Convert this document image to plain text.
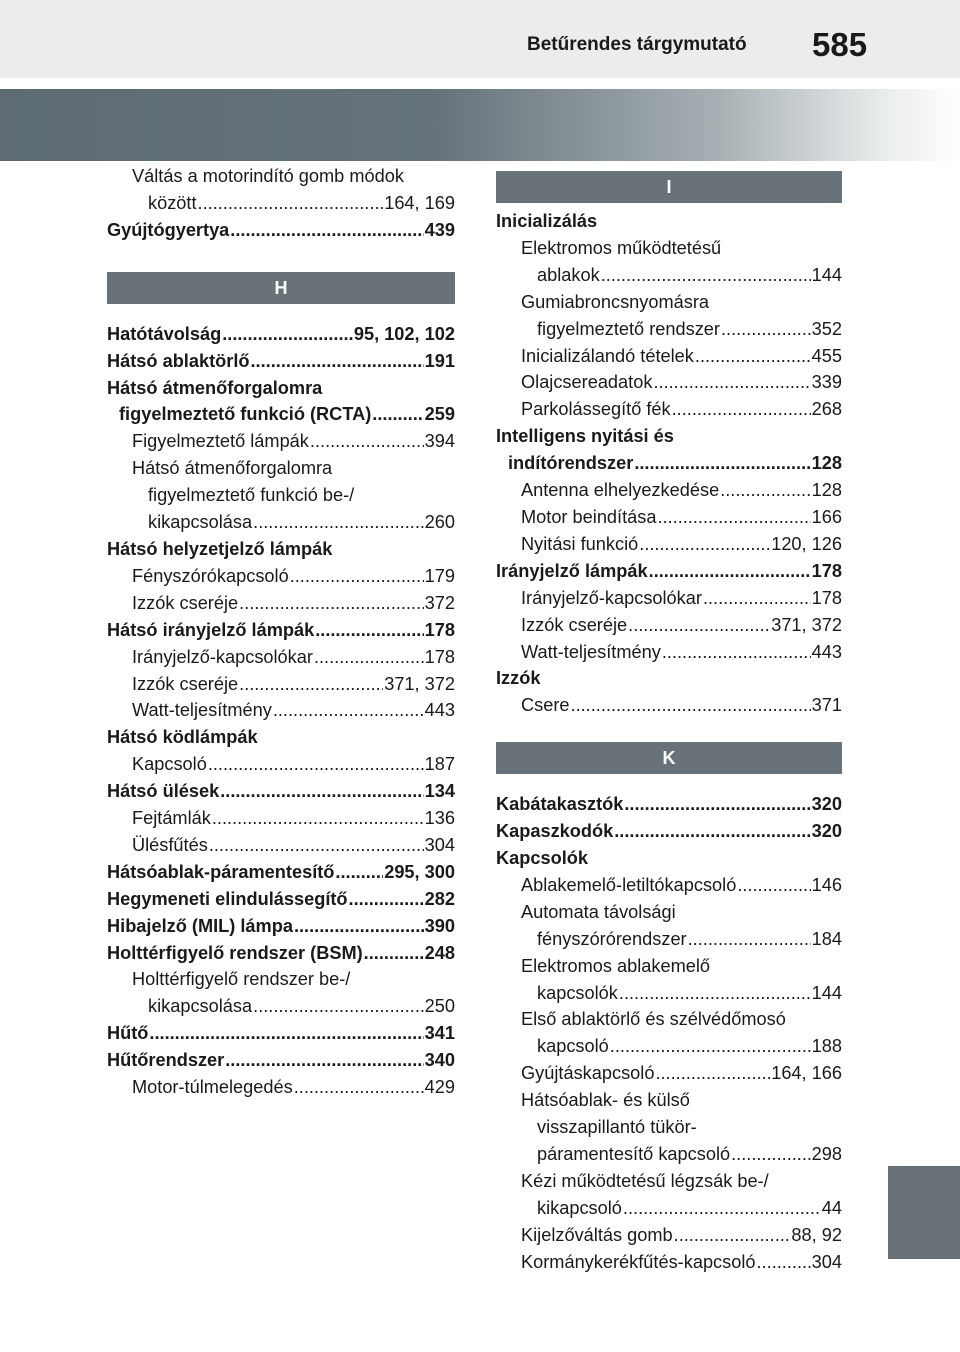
Betűrendes tárgymutató 585
Váltás a motorindító gomb módok
között .....	164, 169
Gyújtógyertya .....	439
H
Hatótávolság .....	95, 102, 102
Hátsó ablaktörlő .....	191
Hátsó átmenőforgalomra
figyelmeztető funkció (RCTA) .....	259
Figyelmeztető lámpák .....	394
Hátsó átmenőforgalomra
figyelmeztető funkció be-/
kikapcsolása .....	260
Hátsó helyzetjelző lámpák
Fényszórókapcsoló .....	179
Izzók cseréje .....	372
Hátsó irányjelző lámpák .....	178
Irányjelző-kapcsolókar .....	178
Izzók cseréje .....	371, 372
Watt-teljesítmény .....	443
Hátsó ködlámpák
Kapcsoló .....	187
Hátsó ülések .....	134
Fejtámlák .....	136
Ülésfűtés .....	304
Hátsóablak-páramentesítő .....	295, 300
Hegymeneti elindulássegítő .....	282
Hibajelző (MIL) lámpa .....	390
Holttérfigyelő rendszer (BSM) .....	248
Holttérfigyelő rendszer be-/
kikapcsolása .....	250
Hűtő .....	341
Hűtőrendszer .....	340
Motor-túlmelegedés .....	429
I
Inicializálás
Elektromos működtetésű
ablakok .....	144
Gumiabroncsnyomásra
figyelmeztető rendszer .....	352
Inicializálandó tételek .....	455
Olajcsereadatok .....	339
Parkolássegítő fék .....	268
Intelligens nyitási és
indítórendszer .....	128
Antenna elhelyezkedése .....	128
Motor beindítása .....	166
Nyitási funkció .....	120, 126
Irányjelző lámpák .....	178
Irányjelző-kapcsolókar .....	178
Izzók cseréje .....	371, 372
Watt-teljesítmény .....	443
Izzók
Csere .....	371
K
Kabátakasztók .....	320
Kapaszkodók .....	320
Kapcsolók
Ablakemelő-letiltókapcsoló .....	146
Automata távolsági
fényszórórendszer .....	184
Elektromos ablakemelő
kapcsolók .....	144
Első ablaktörlő és szélvédőmosó
kapcsoló .....	188
Gyújtáskapcsoló .....	164, 166
Hátsóablak- és külső
visszapillantó tükör-
páramentesítő kapcsoló .....	298
Kézi működtetésű légzsák be-/
kikapcsoló .....	44
Kijelzőváltás gomb .....	88, 92
Kormánykerékfűtés-kapcsoló .....	304
